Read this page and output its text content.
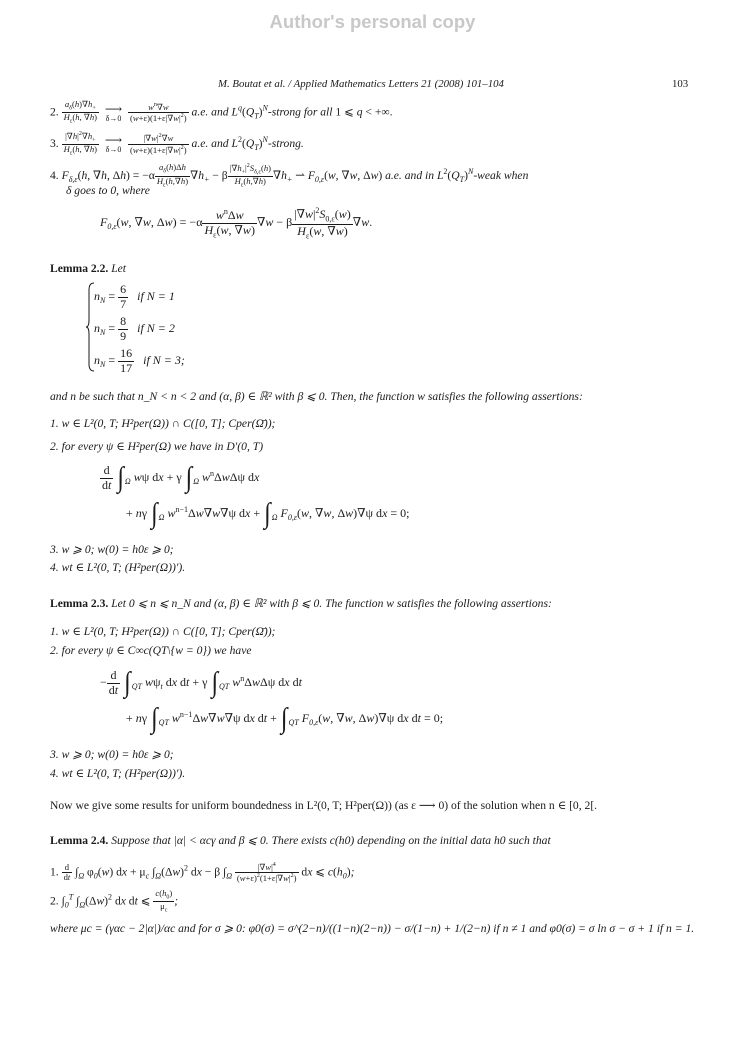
Author's personal copy
M. Boutat et al. / Applied Mathematics Letters 21 (2008) 101–104	103
2. $\frac{a_\delta(h)\nabla h_+}{H_\varepsilon(h, \nabla h)}$
⟶
$\delta\to 0 \frac{w^n\nabla w}{(w+\varepsilon)(1+\varepsilon|\nabla w|^2)} a.e$. and $L^q(Q_T)^N$-strong for all 1 ⩽ q < +∞.
3. $\frac{|\nabla h|^2\nabla h_+}{H_\varepsilon(h, \nabla h)}$
⟶
$\delta\to 0 \frac{|\nabla w|^2\nabla w}{(w+\varepsilon)(1+\varepsilon|\nabla w|^2)} a.e$. and $L^2(Q_T)^N$-strong.
4. $F_{\delta,\varepsilon}(h$, ∇h, $\Delta h) = -\alpha \frac{a_\delta(h)\Delta h}{H_\varepsilon(h,\nabla h)} \nabla h_+ - \beta \frac{|\nabla h_+|^2S_{\delta,\varepsilon}(h)}{H_\varepsilon(h,\nabla h)} \nabla h_+$ ⇀ $F_{0,\varepsilon}(w$, ∇w, Δw) a.e. and in $L^2(Q_T)^N$-weak when
δ goes to 0, where
$F_{0,\varepsilon}(w$, ∇w, Δw) = −α	$w^n\Delta w$
$H_\varepsilon(w$, ∇w)
∇w − β $\frac{|\nabla w|^2S_{0,\varepsilon}(w)}{H_\varepsilon(w, \nabla w)} \nabla w$.
Lemma 2.2. Let
$n_N = \frac{6}{7}$ if N = 1
$n_N = \frac{8}{9}$ if N = 2
$n_N = \frac{16}{17}$ if N = 3;
and n be such that n_N < n < 2 and (α, β) ∈ ℝ² with β ⩽ 0. Then, the function w satisfies the following assertions:
1. w ∈ L²(0, T; H²per(Ω)) ∩ C([0, T]; Cper(Ω̄));
2. for every ψ ∈ H²per(Ω) we have in D′(0, T)
$\frac{d}{dt} \int_\Omega$ wψ dx + γ $\int_\Omega$ $w^n\Delta w\Delta\psi$ dx
+ nγ $\int_\Omega$ $w^{n-1}\Delta w\nabla w\nabla\psi$ dx + $\int_\Omega$ $F_{0,\varepsilon}(w$, ∇w, Δw)∇ψ dx = 0;
3. w ⩾ 0; w(0) = h0ε ⩾ 0;
4. wt ∈ L²(0, T; (H²per(Ω))′).
Lemma 2.3. Let 0 ⩽ n ⩽ n_N and (α, β) ∈ ℝ² with β ⩽ 0. The function w satisfies the following assertions:
1. w ∈ L²(0, T; H²per(Ω)) ∩ C([0, T]; Cper(Ω̄));
2. for every ψ ∈ C∞c(QT\{w = 0}) we have
− $\frac{d}{dt} \int_{QT}$ $w\psi_t$ dx dt + γ $\int_{QT}$ $w^n\Delta w\Delta\psi$ dx dt
+ nγ $\int_{QT}$ $w^{n-1}\Delta w\nabla w\nabla\psi$ dx dt + $\int_{QT}$ $F_{0,\varepsilon}(w$, ∇w, Δw)∇ψ dx dt = 0;
3. w ⩾ 0; w(0) = h0ε ⩾ 0;
4. wt ∈ L²(0, T; (H²per(Ω))′).
Now we give some results for uniform boundedness in L²(0, T; H²per(Ω)) (as ε ⟶ 0) of the solution when n ∈ [0, 2[.
Lemma 2.4. Suppose that |α| < αcγ and β ⩽ 0. There exists c(h0) depending on the initial data h0 such that
1. $\frac{d}{dt} \int_\Omega$ $\varphi_0(w)$ dx + $\mu_c$ $\int_\Omega(\Delta w)^2$ dx − β $\int_\Omega \frac{|\nabla w|^4}{(w+\varepsilon)^2(1+\varepsilon|\nabla w|^2)}$ dx ⩽ $c(h_0)$;
2. $\int_0^T$ $\int_\Omega(\Delta w)^2$ dx dt ⩽ $\frac{c(h_0)}{\mu_c}$ ;
where μc = (γαc − 2|α|)/αc and for σ ⩾ 0: φ0(σ) = σ^(2−n)/((1−n)(2−n)) − σ/(1−n) + 1/(2−n) if n ≠ 1 and φ0(σ) = σ ln σ − σ + 1 if n = 1.
